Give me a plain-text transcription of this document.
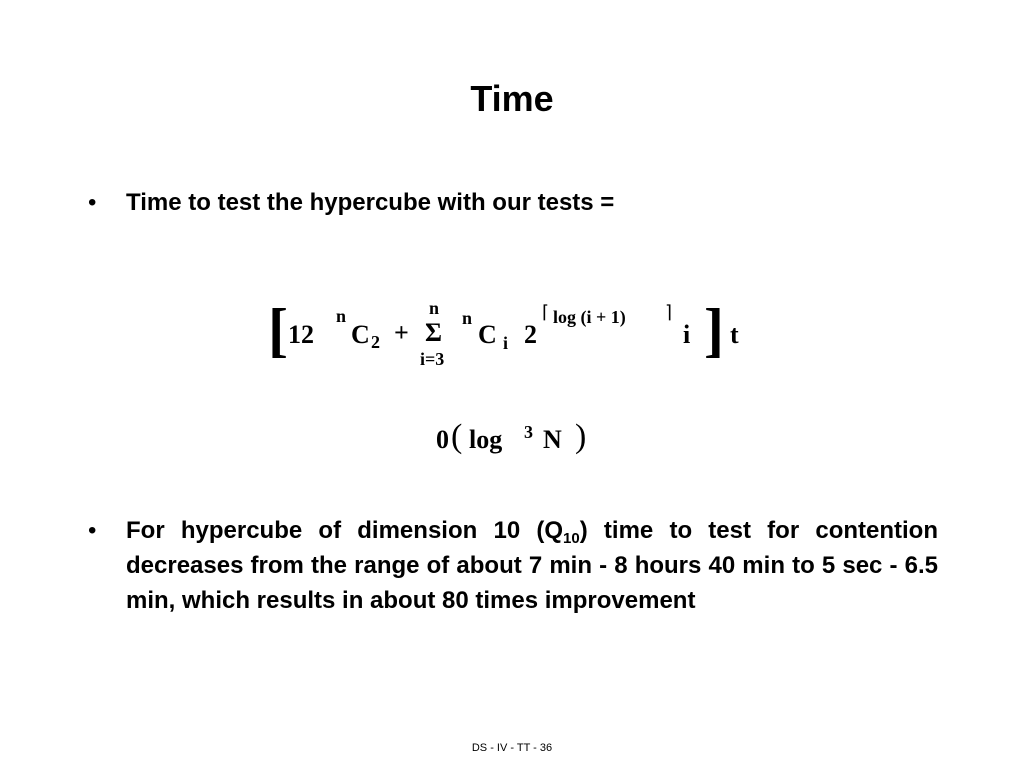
Time
•	Time to test the hypercube with our tests =
[ 12
n
C 2 +
n
Σ
i=3
n
C i 2
⌈ log (i + 1) ⌉
i ] t
0 ( log 3 N )
•	For hypercube of dimension 10 $(Q_{10})$ time to test for contention decreases from the range of about 7 min - 8 hours 40 min to 5 sec - 6.5 min, which results in about 80 times improvement
DS - IV - TT - 36
